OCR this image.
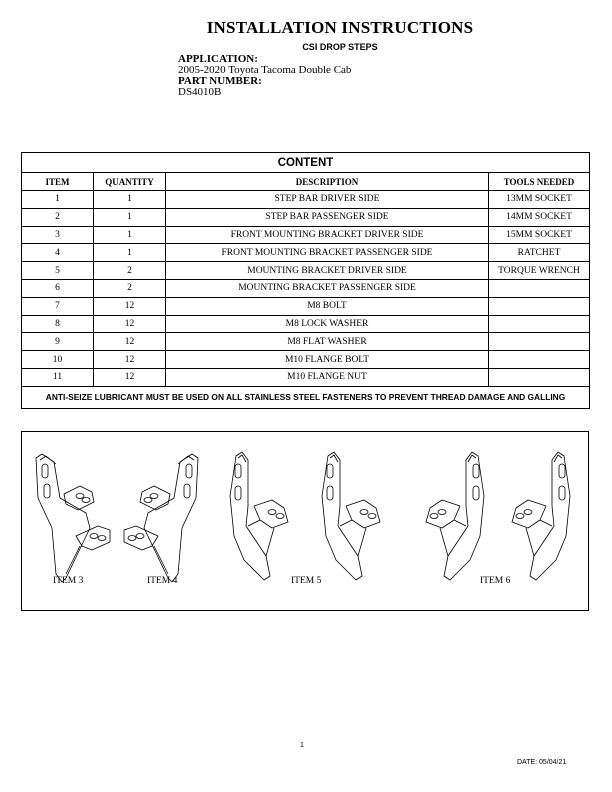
INSTALLATION INSTRUCTIONS
CSI DROP STEPS
APPLICATION:
2005-2020 Toyota Tacoma Double Cab
PART NUMBER:
DS4010B
CONTENT			
ITEM	QUANTITY	DESCRIPTION	TOOLS NEEDED
1	1	STEP BAR DRIVER SIDE	13MM SOCKET
2	1	STEP BAR PASSENGER SIDE	14MM SOCKET
3	1	FRONT MOUNTING BRACKET DRIVER SIDE	15MM SOCKET
4	1	FRONT MOUNTING BRACKET PASSENGER SIDE	RATCHET
5	2	MOUNTING BRACKET DRIVER SIDE	TORQUE WRENCH
6	2	MOUNTING BRACKET PASSENGER SIDE	
7	12	M8 BOLT	
8	12	M8 LOCK WASHER	
9	12	M8 FLAT WASHER	
10	12	M10 FLANGE BOLT	
11	12	M10 FLANGE NUT	
ANTI-SEIZE LUBRICANT MUST BE USED ON ALL STAINLESS STEEL FASTENERS TO PREVENT THREAD DAMAGE AND GALLING			
ITEM 3	ITEM 4	ITEM 5	ITEM 6
1
DATE: 05/04/21
